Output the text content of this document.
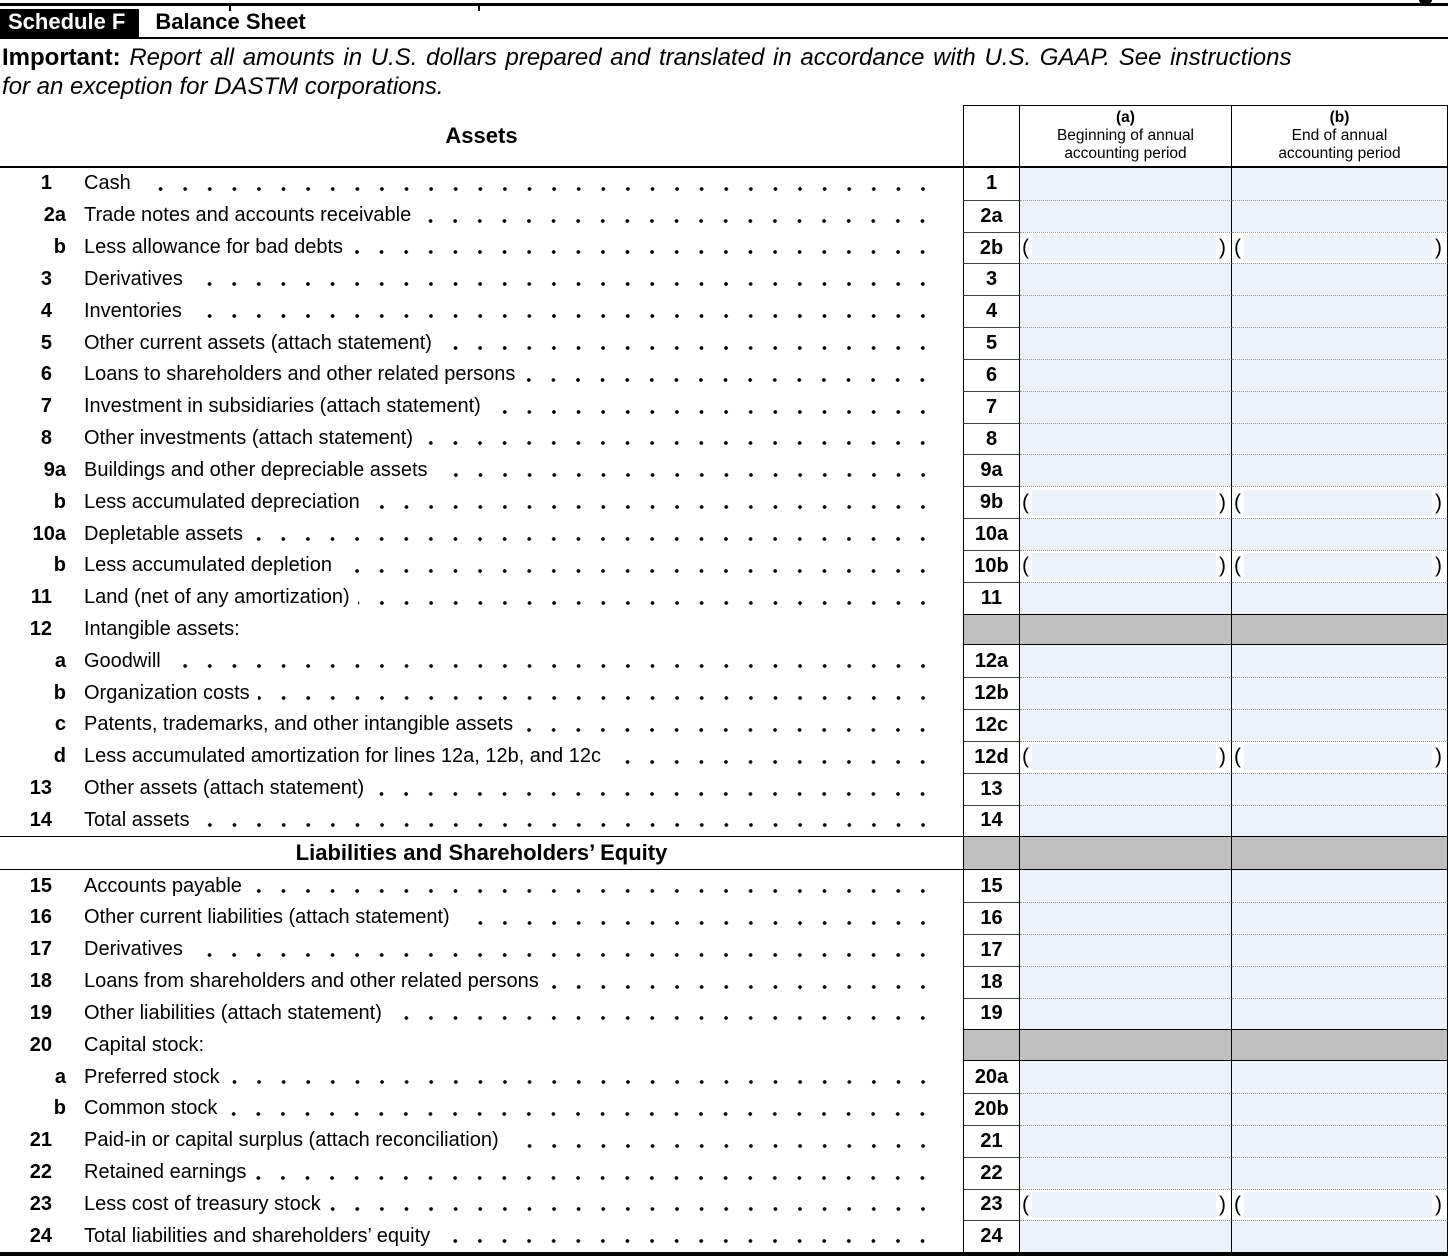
Schedule F	Balance Sheet
Important: Report all amounts in U.S. dollars prepared and translated in accordance with U.S. GAAP. See instructions
for an exception for DASTM corporations.
Assets
(a)
Beginning of annual
accounting period
(b)
End of annual
accounting period
1	Cash	1
2a Trade notes and accounts receivable	2a
b Less allowance for bad debts	2b (	) (	)
3	Derivatives	3
4	Inventories	4
5	Other current assets (attach statement)	5
6	Loans to shareholders and other related persons	6
7	Investment in subsidiaries (attach statement)	7
8	Other investments (attach statement)	8
9a Buildings and other depreciable assets	9a
b Less accumulated depreciation	9b (	) (	)
10a Depletable assets	10a
b Less accumulated depletion	10b (	) (	)
11	Land (net of any amortization)	11
12	Intangible assets:
a Goodwill	12a
b Organization costs	12b
c Patents, trademarks, and other intangible assets	12c
d Less accumulated amortization for lines 12a, 12b, and 12c	12d (	) (	)
13	Other assets (attach statement)	13
14	Total assets	14
Liabilities and Shareholders’ Equity
15	Accounts payable	15
16	Other current liabilities (attach statement)	16
17	Derivatives	17
18	Loans from shareholders and other related persons	18
19	Other liabilities (attach statement)	19
20	Capital stock:
a Preferred stock	20a
b Common stock	20b
21	Paid-in or capital surplus (attach reconciliation)	21
22	Retained earnings	22
23	Less cost of treasury stock	23 (	) (	)
24	Total liabilities and shareholders’ equity	24
